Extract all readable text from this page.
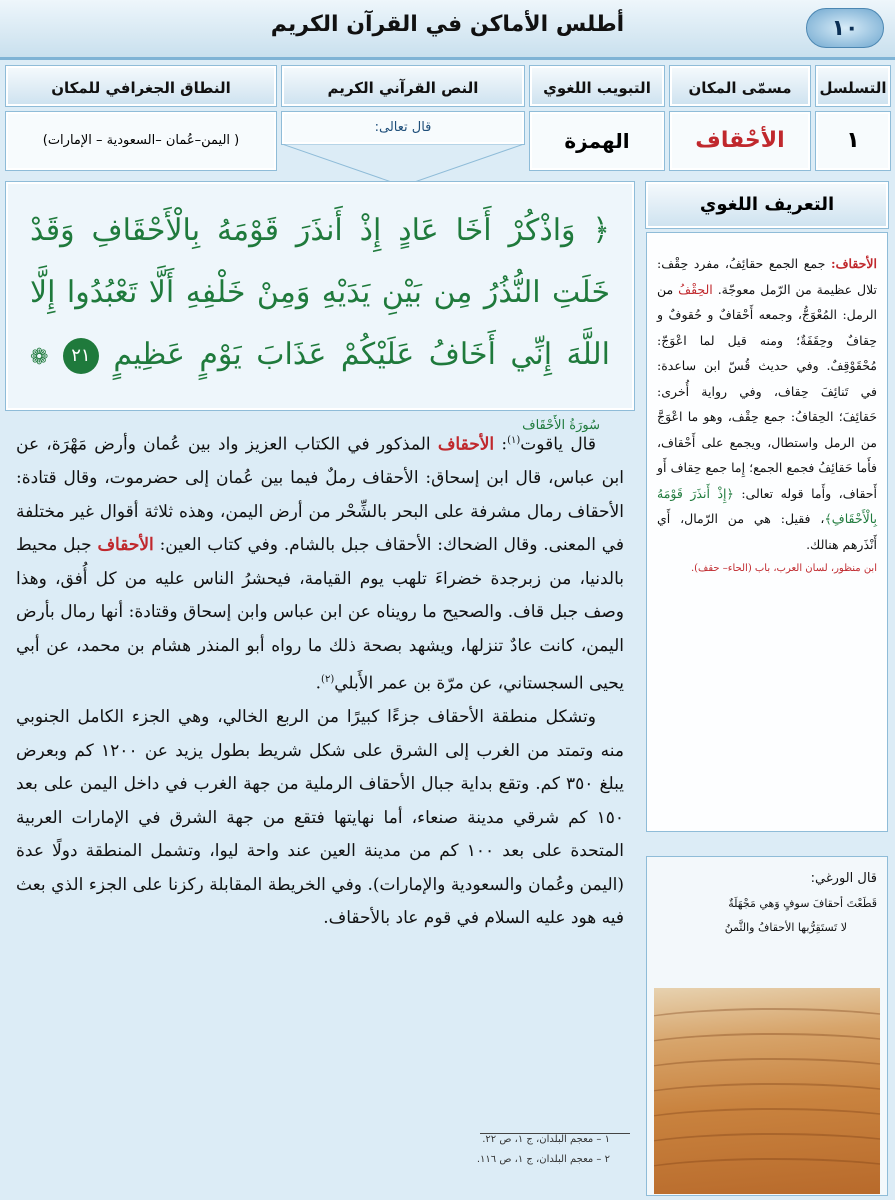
أطلس الأماكن في القرآن الكريم	١٠
التسلسل
مسمّى المكان
التبويب اللغوي
النص القرآني الكريم
النطاق الجغرافي للمكان
١
الأحْقاف
الهمزة
قال تعالى:
( اليمن–عُمان –السعودية – الإمارات)
﴿ وَاذْكُرْ أَخَا عَادٍ إِذْ أَنذَرَ قَوْمَهُ بِالْأَحْقَافِ وَقَدْ خَلَتِ النُّذُرُ مِن بَيْنِ يَدَيْهِ وَمِنْ خَلْفِهِ أَلَّا تَعْبُدُوا إِلَّا اللَّهَ إِنِّي أَخَافُ عَلَيْكُمْ عَذَابَ يَوْمٍ عَظِيمٍ ٢١ ❁ سُورَةُ الأَحْقَاف

قال ياقوت$^{(١)}$: الأحقاف المذكور في الكتاب العزيز واد بين عُمان وأرض مَهْرَة، عن ابن عباس، قال ابن إسحاق: الأحقاف رملٌ فيما بين عُمان إلى حضرموت، وقال قتادة: الأحقاف رمال مشرفة على البحر بالشِّحْر من أرض اليمن، وهذه ثلاثة أقوال غير مختلفة في المعنى. وقال الضحاك: الأحقاف جبل بالشام. وفي كتاب العين: الأحقاف جبل محيط بالدنيا، من زبرجدة خضراءَ تلهب يوم القيامة، فيحشرُ الناس عليه من كل أُفق، وهذا وصف جبل قاف. والصحيح ما رويناه عن ابن عباس وابن إسحاق وقتادة: أنها رمال بأرض اليمن، كانت عادٌ تنزلها، ويشهد بصحة ذلك ما رواه أبو المنذر هشام بن محمد، عن أبي يحيى السجستاني، عن مرّة بن عمر الأَبلي$^{(٢)}$.

وتشكل منطقة الأحقاف جزءًا كبيرًا من الربع الخالي، وهي الجزء الكامل الجنوبي منه وتمتد من الغرب إلى الشرق على شكل شريط بطول يزيد عن ١٢٠٠ كم وبعرض يبلغ ٣٥٠ كم. وتقع بداية جبال الأحقاف الرملية من جهة الغرب في داخل اليمن على بعد ١٥٠ كم شرقي مدينة صنعاء، أما نهايتها فتقع من جهة الشرق في الإمارات العربية المتحدة على بعد ١٠٠ كم من مدينة العين عند واحة ليوا، وتشمل المنطقة دولًا عدة (اليمن وعُمان والسعودية والإمارات). وفي الخريطة المقابلة ركزنا على الجزء الذي بعث فيه هود عليه السلام في قوم عاد بالأحقاف.

١ – معجم البلدان، ج ١، ص ٢٢.
٢ – معجم البلدان، ج ١، ص ١١٦.
التعريف اللغوي
الأحقاف: جمع الجمع حقائِفُ، مفرد حِقْف: تلال عظيمة من الرّمل معوجّة. الحِقْفُ من الرمل: المُعْوَجُّ، وجمعه أَحْقافٌ و حُقوفٌ و حِقافٌ وحِقَفَةٌ؛ ومنه قيل لما اعْوَجّ: مُحْقَوْقِفٌ. وفي حديث قُسّ ابن ساعدة: في تَنائِفَ حِقاف، وفي رواية أُخرى: حَقائِفَ؛ الحِقافُ: جمع حِقْف، وهو ما اعْوَجَّ من الرمل واستطال، ويجمع على أَحْقاف، فأَما حَقائِفُ فجمع الجمع؛ إِما جمع حِقاف أَو أَحقاف، وأَما قوله تعالى: ﴿إِذْ أَنذَرَ قَوْمَهُ بِالْأَحْقَافِ﴾، فقيل: هي من الرّمال، أَي أَنْذَرهم هنالك.
ابن منظور، لسان العرب، باب (الحاء– حقف).
قال الورغي:
قَطَعْتَ أحقافَ سوفٍ وَهي مَجْهَلَةٌ
لا تَستَقِرُّبها الأحقافُ والثَّمنُ
